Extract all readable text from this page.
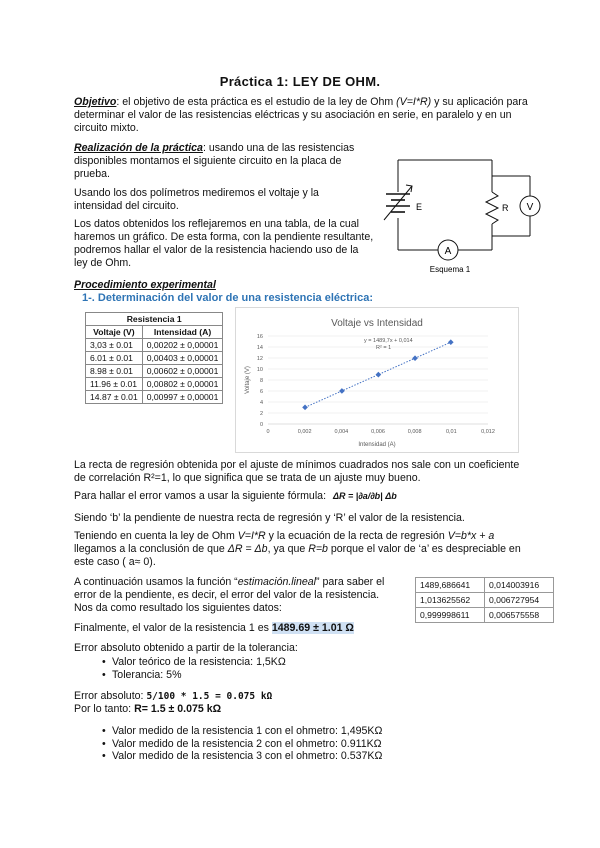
Práctica 1: LEY DE OHM.

Objetivo: el objetivo de esta práctica es el estudio de la ley de Ohm (V=I*R) y su aplicación para determinar el valor de las resistencias eléctricas y su asociación en serie, en paralelo y en un circuito mixto.

Realización de la práctica: usando una de las resistencias disponibles montamos el siguiente circuito en la placa de prueba.

Usando los dos polímetros mediremos el voltaje y la intensidad del circuito.

Los datos obtenidos los reflejaremos en una tabla, de la cual haremos un gráfico. De esta forma, con la pendiente resultante, podremos hallar el valor de la resistencia haciendo uso de la ley de Ohm.

E	R V
A
Esquema 1

Procedimiento experimental

1-. Determinación del valor de una resistencia eléctrica:

Resistencia 1	
Voltaje (V)	Intensidad (A)
3,03 ± 0.01	0,00202 ± 0,00001
6.01 ± 0.01	0,00403 ± 0,00001
8.98 ± 0.01	0,00602 ± 0,00001
11.96 ± 0.01	0,00802 ± 0,00001
14.87 ± 0.01	0,00997 ± 0,00001
Voltaje vs Intensidad
0
2
4
6
8
10
12
14
16
0	0,002	0,004	0,006	0,008	0,01	0,012
y = 1489,7x + 0,014
R² = 1
Intensidad (A)
Voltaje (V)

La recta de regresión obtenida por el ajuste de mínimos cuadrados nos sale con un coeficiente de correlación R²=1, lo que significa que se trata de un ajuste muy bueno.

Para hallar el error vamos a usar la siguiente fórmula: ΔR = |∂a/∂b| Δb

Siendo ‘b’ la pendiente de nuestra recta de regresión y ‘R’ el valor de la resistencia.

Teniendo en cuenta la ley de Ohm V=I*R y la ecuación de la recta de regresión V=b*x + a llegamos a la conclusión de que ΔR = Δb, ya que R=b porque el valor de ‘a’ es despreciable en este caso ( a≈ 0).

A continuación usamos la función “estimación.lineal” para saber el error de la pendiente, es decir, el error del valor de la resistencia. Nos da como resultado los siguientes datos:

1489,686641	0,014003916
1,013625562	0,006727954
0,999998611	0,006575558

Finalmente, el valor de la resistencia 1 es 1489.69 ± 1.01 Ω

Error absoluto obtenido a partir de la tolerancia:

• Valor teórico de la resistencia: 1,5KΩ
• Tolerancia: 5%

Error absoluto: 5/100 * 1.5 = 0.075 kΩ

Por lo tanto: R= 1.5 ± 0.075 kΩ

• Valor medido de la resistencia 1 con el ohmetro: 1,495KΩ
• Valor medido de la resistencia 2 con el ohmetro: 0.911KΩ
• Valor medido de la resistencia 3 con el ohmetro: 0.537KΩ
